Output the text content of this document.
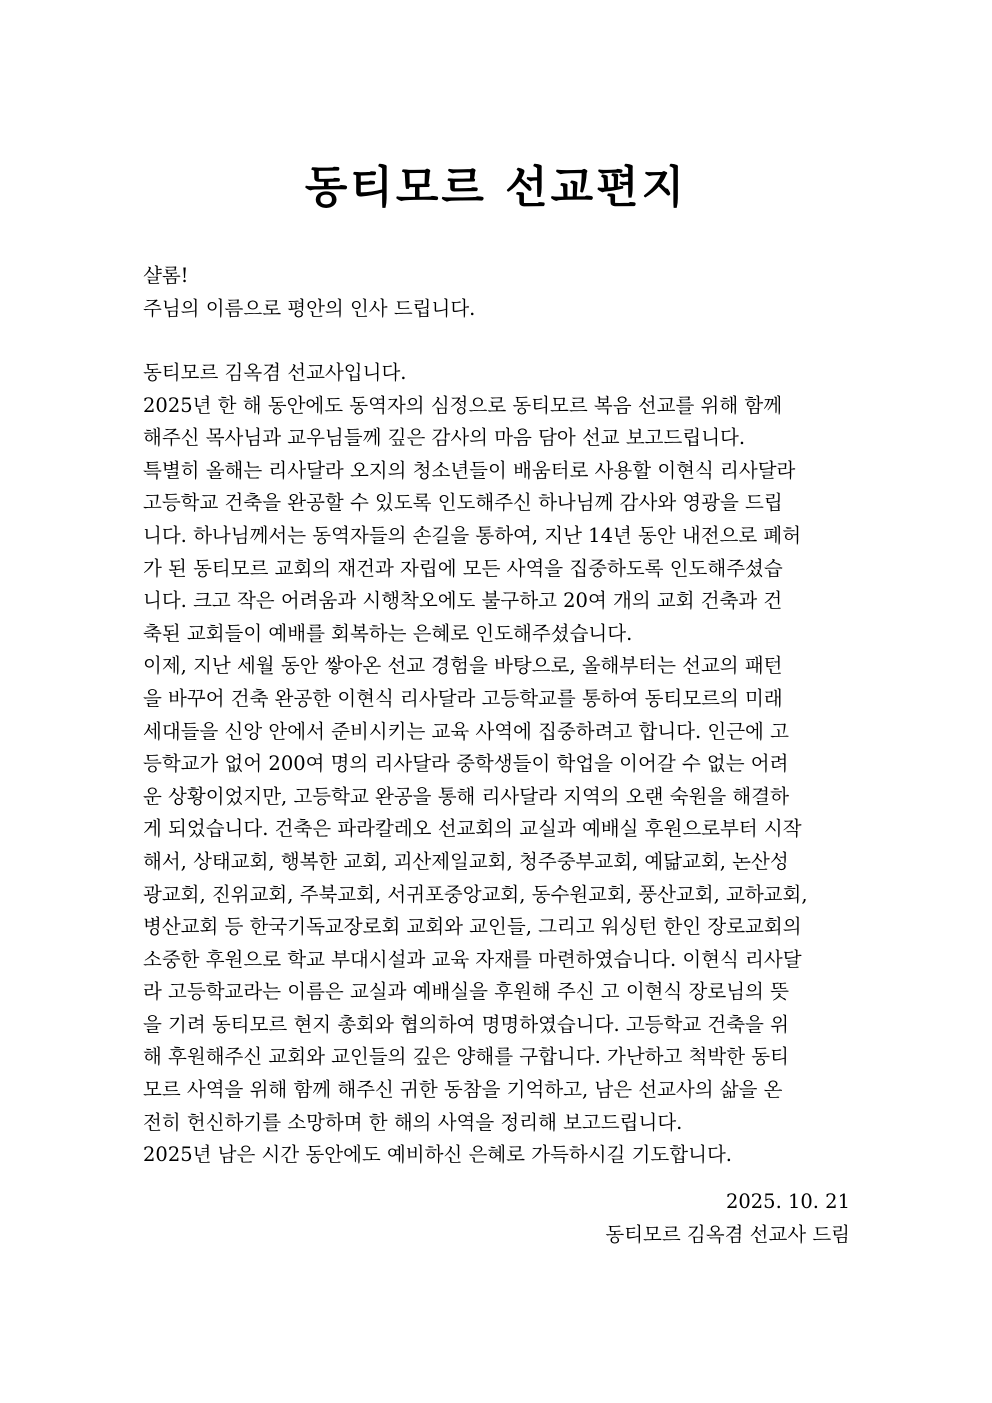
동티모르 선교편지
샬롬!
주님의 이름으로 평안의 인사 드립니다.
동티모르 김옥겸 선교사입니다.
2025년 한 해 동안에도 동역자의 심정으로 동티모르 복음 선교를 위해 함께
해주신 목사님과 교우님들께 깊은 감사의 마음 담아 선교 보고드립니다.
특별히 올해는 리사달라 오지의 청소년들이 배움터로 사용할 이현식 리사달라
고등학교 건축을 완공할 수 있도록 인도해주신 하나님께 감사와 영광을 드립
니다. 하나님께서는 동역자들의 손길을 통하여, 지난 14년 동안 내전으로 폐허
가 된 동티모르 교회의 재건과 자립에 모든 사역을 집중하도록 인도해주셨습
니다. 크고 작은 어려움과 시행착오에도 불구하고 20여 개의 교회 건축과 건
축된 교회들이 예배를 회복하는 은혜로 인도해주셨습니다.
이제, 지난 세월 동안 쌓아온 선교 경험을 바탕으로, 올해부터는 선교의 패턴
을 바꾸어 건축 완공한 이현식 리사달라 고등학교를 통하여 동티모르의 미래
세대들을 신앙 안에서 준비시키는 교육 사역에 집중하려고 합니다. 인근에 고
등학교가 없어 200여 명의 리사달라 중학생들이 학업을 이어갈 수 없는 어려
운 상황이었지만, 고등학교 완공을 통해 리사달라 지역의 오랜 숙원을 해결하
게 되었습니다. 건축은 파라칼레오 선교회의 교실과 예배실 후원으로부터 시작
해서, 상태교회, 행복한 교회, 괴산제일교회, 청주중부교회, 예닮교회, 논산성
광교회, 진위교회, 주북교회, 서귀포중앙교회, 동수원교회, 풍산교회, 교하교회,
병산교회 등 한국기독교장로회 교회와 교인들, 그리고 워싱턴 한인 장로교회의
소중한 후원으로 학교 부대시설과 교육 자재를 마련하였습니다. 이현식 리사달
라 고등학교라는 이름은 교실과 예배실을 후원해 주신 고 이현식 장로님의 뜻
을 기려 동티모르 현지 총회와 협의하여 명명하였습니다. 고등학교 건축을 위
해 후원해주신 교회와 교인들의 깊은 양해를 구합니다. 가난하고 척박한 동티
모르 사역을 위해 함께 해주신 귀한 동참을 기억하고, 남은 선교사의 삶을 온
전히 헌신하기를 소망하며 한 해의 사역을 정리해 보고드립니다.
2025년 남은 시간 동안에도 예비하신 은혜로 가득하시길 기도합니다.
2025. 10. 21
동티모르 김옥겸 선교사 드림
